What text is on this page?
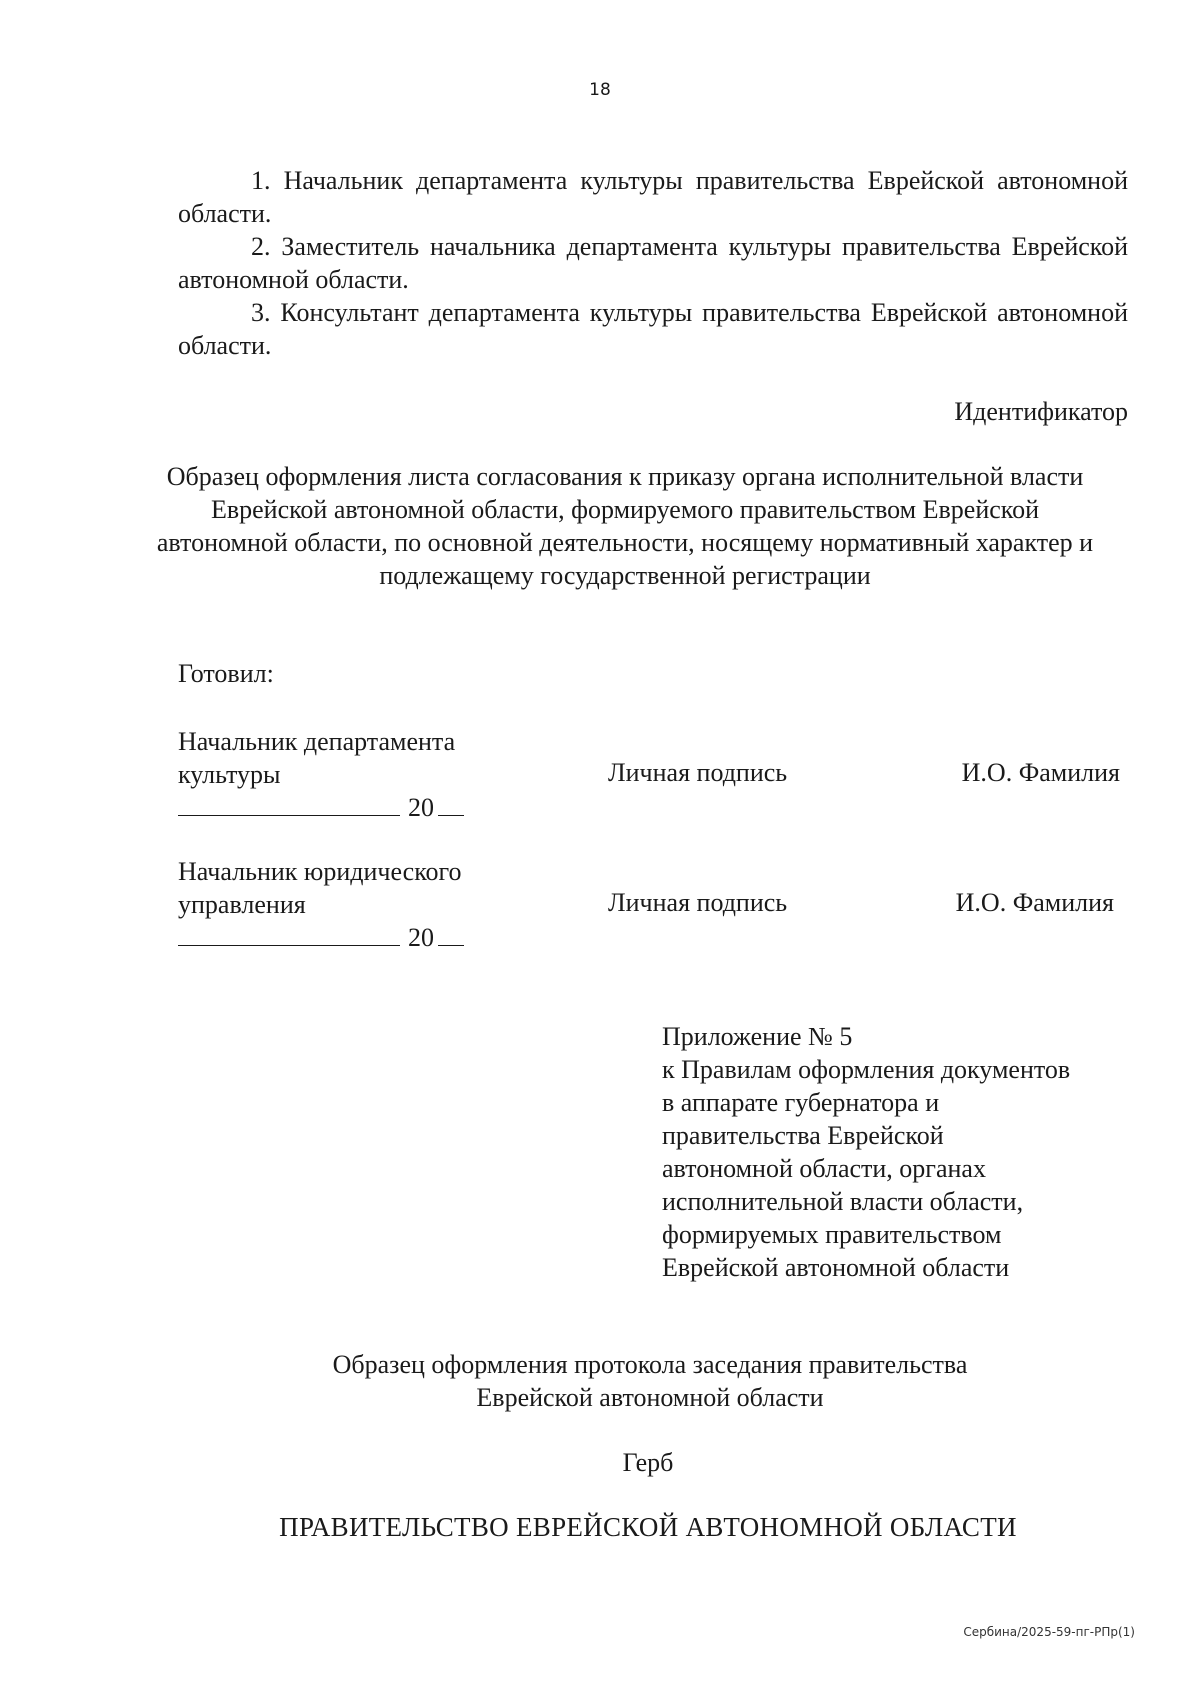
18

1. Начальник департамента культуры правительства Еврейской автономной области.

2. Заместитель начальника департамента культуры правительства Еврейской автономной области.

3. Консультант департамента культуры правительства Еврейской автономной области.

Идентификатор
Образец оформления листа согласования к приказу органа исполнительной власти Еврейской автономной области, формируемого правительством Еврейской автономной области, по основной деятельности, носящему нормативный характер и подлежащему государственной регистрации
Готовил:
Начальник департамента
культуры
20
Личная подпись	И.О. Фамилия
Начальник юридического
управления
20
Личная подпись	И.О. Фамилия
Приложение № 5
к Правилам оформления документов
в аппарате губернатора и
правительства Еврейской
автономной области, органах
исполнительной власти области,
формируемых правительством
Еврейской автономной области
Образец оформления протокола заседания правительства
Еврейской автономной области
Герб
ПРАВИТЕЛЬСТВО ЕВРЕЙСКОЙ АВТОНОМНОЙ ОБЛАСТИ
Сербина/2025-59-пг-РПр(1)
